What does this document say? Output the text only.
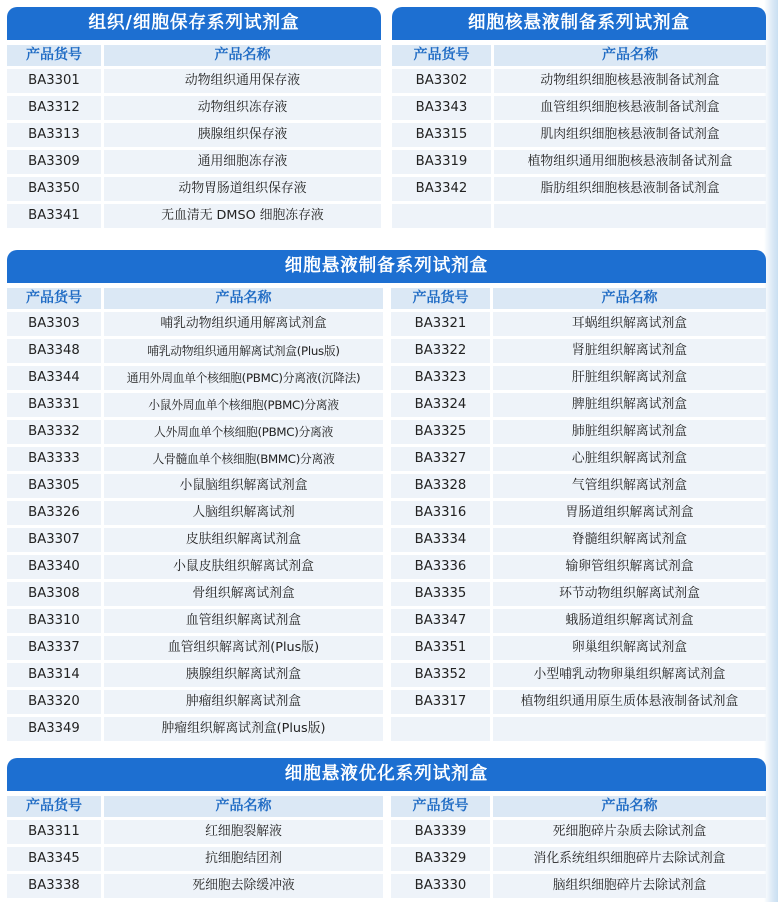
组织/细胞保存系列试剂盒
产品货号	产品名称
BA3301	动物组织通用保存液
BA3312	动物组织冻存液
BA3313	胰腺组织保存液
BA3309	通用细胞冻存液
BA3350	动物胃肠道组织保存液
BA3341	无血清无 DMSO 细胞冻存液
细胞核悬液制备系列试剂盒
产品货号	产品名称
BA3302	动物组织细胞核悬液制备试剂盒
BA3343	血管组织细胞核悬液制备试剂盒
BA3315	肌肉组织细胞核悬液制备试剂盒
BA3319	植物组织通用细胞核悬液制备试剂盒
BA3342	脂肪组织细胞核悬液制备试剂盒

细胞悬液制备系列试剂盒
产品货号	产品名称
BA3303	哺乳动物组织通用解离试剂盒
BA3348	哺乳动物组织通用解离试剂盒(Plus版)
BA3344	通用外周血单个核细胞(PBMC)分离液(沉降法)
BA3331	小鼠外周血单个核细胞(PBMC)分离液
BA3332	人外周血单个核细胞(PBMC)分离液
BA3333	人骨髓血单个核细胞(BMMC)分离液
BA3305	小鼠脑组织解离试剂盒
BA3326	人脑组织解离试剂
BA3307	皮肤组织解离试剂盒
BA3340	小鼠皮肤组织解离试剂盒
BA3308	骨组织解离试剂盒
BA3310	血管组织解离试剂盒
BA3337	血管组织解离试剂(Plus版)
BA3314	胰腺组织解离试剂盒
BA3320	肿瘤组织解离试剂盒
BA3349	肿瘤组织解离试剂盒(Plus版)
产品货号	产品名称
BA3321	耳蜗组织解离试剂盒
BA3322	肾脏组织解离试剂盒
BA3323	肝脏组织解离试剂盒
BA3324	脾脏组织解离试剂盒
BA3325	肺脏组织解离试剂盒
BA3327	心脏组织解离试剂盒
BA3328	气管组织解离试剂盒
BA3316	胃肠道组织解离试剂盒
BA3334	脊髓组织解离试剂盒
BA3336	输卵管组织解离试剂盒
BA3335	环节动物组织解离试剂盒
BA3347	蛾肠道组织解离试剂盒
BA3351	卵巢组织解离试剂盒
BA3352	小型哺乳动物卵巢组织解离试剂盒
BA3317	植物组织通用原生质体悬液制备试剂盒

细胞悬液优化系列试剂盒
产品货号	产品名称
BA3311	红细胞裂解液
BA3345	抗细胞结团剂
BA3338	死细胞去除缓冲液
产品货号	产品名称
BA3339	死细胞碎片杂质去除试剂盒
BA3329	消化系统组织细胞碎片去除试剂盒
BA3330	脑组织细胞碎片去除试剂盒
